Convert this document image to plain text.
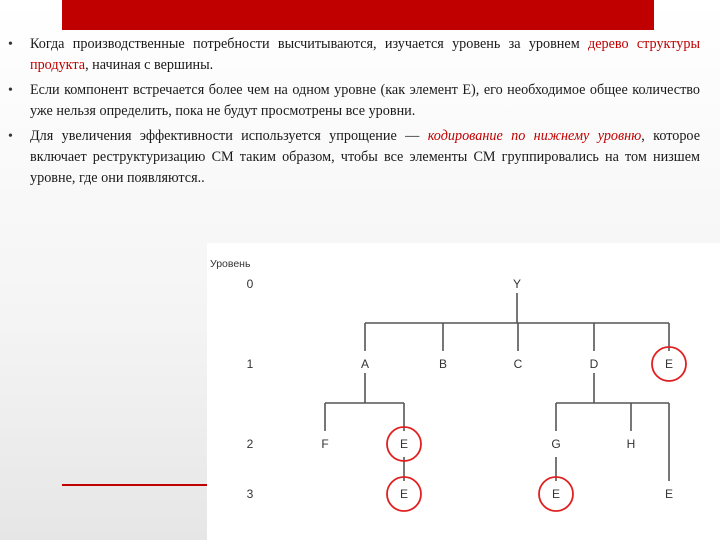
• Когда производственные потребности высчитываются, изучается уровень за уровнем дерево структуры продукта, начиная с вершины.
• Если компонент встречается более чем на одном уровне (как элемент E), его необходимое общее количество уже нельзя определить, пока не будут просмотрены все уровни.
• Для увеличения эффективности используется упрощение — кодирование по нижнему уровню, которое включает реструктуризацию СМ таким образом, чтобы все элементы СМ группировались на том низшем уровне, где они появляются..
Уровень
0
1
2
3
Y
A	B	C	D	E
F	E	G	H
E	E	E
